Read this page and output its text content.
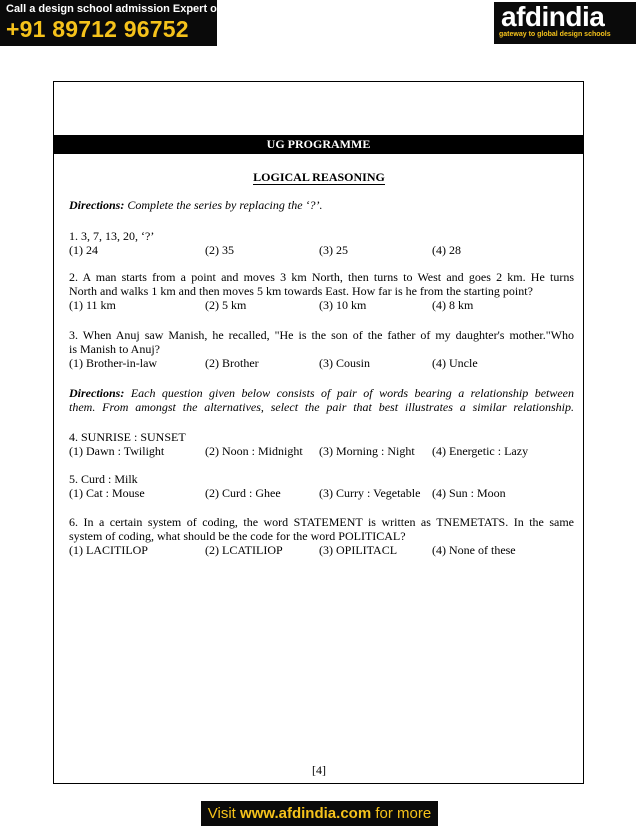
Call a design school admission Expert on
+91 89712 96752	afdindia
gateway to global design schools
UG PROGRAMME
LOGICAL REASONING
Directions: Complete the series by replacing the ‘?’.
1. 3, 7, 13, 20, ‘?’
(1) 24	(2) 35	(3) 25	(4) 28
2. A man starts from a point and moves 3 km North, then turns to West and goes 2 km. He turns
North and walks 1 km and then moves 5 km towards East. How far is he from the starting point?
(1) 11 km	(2) 5 km	(3) 10 km	(4) 8 km
3. When Anuj saw Manish, he recalled, "He is the son of the father of my daughter's mother."Who
is Manish to Anuj?
(1) Brother-in-law	(2) Brother	(3) Cousin	(4) Uncle
Directions: Each question given below consists of pair of words bearing a relationship between
them. From amongst the alternatives, select the pair that best illustrates a similar relationship.
4. SUNRISE : SUNSET
(1) Dawn : Twilight	(2) Noon : Midnight (3) Morning : Night (4) Energetic : Lazy
5. Curd : Milk
(1) Cat : Mouse	(2) Curd : Ghee	(3) Curry : Vegetable (4) Sun : Moon
6. In a certain system of coding, the word STATEMENT is written as TNEMETATS. In the same
system of coding, what should be the code for the word POLITICAL?
(1) LACITILOP	(2) LCATILIOP	(3) OPILITACL	(4) None of these
[4]
Visit www.afdindia.com for more
